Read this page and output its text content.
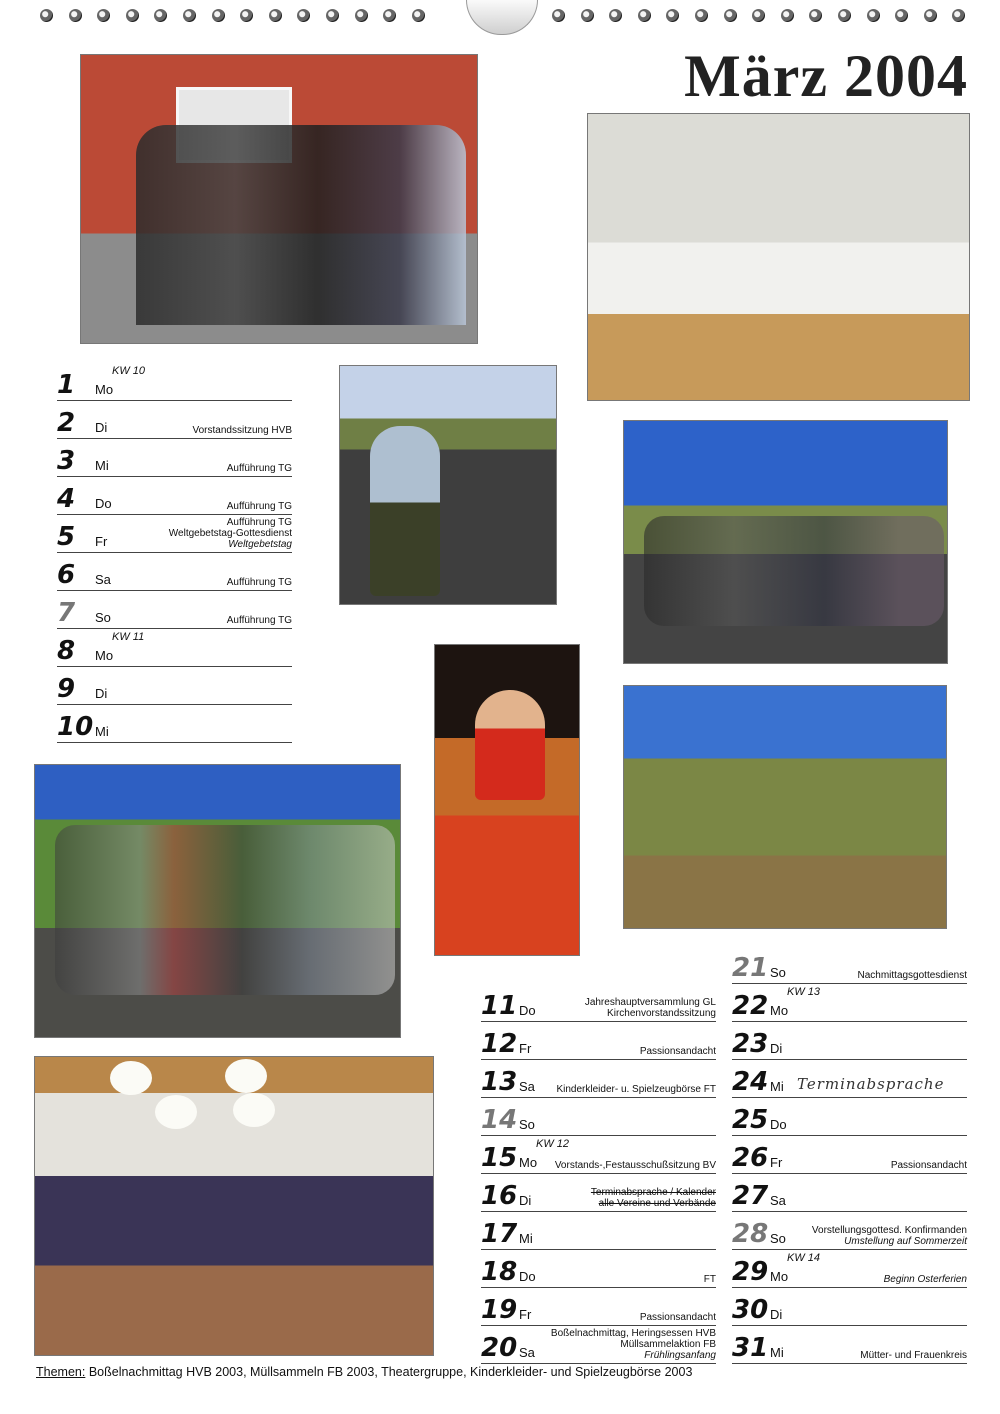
März 2004
1 Mo
KW 10
2 Di	Vorstandssitzung HVB
3 Mi	Aufführung TG
4 Do	Aufführung TG
5 Fr
Aufführung TG
Weltgebetstag-Gottesdienst
Weltgebetstag
6 Sa	Aufführung TG
7 So	Aufführung TG
8 Mo
KW 11
9 Di
10 Mi
11 Do
Jahreshauptversammlung GL
Kirchenvorstandssitzung
12 Fr	Passionsandacht
13 Sa Kinderkleider- u. Spielzeugbörse FT
14 So
15 Mo
KW 12
Vorstands-,Festausschußsitzung BV
16 Di
Terminabsprache / Kalender
alle Vereine und Verbände
17 Mi
18 Do	FT
19 Fr	Passionsandacht
20 Sa
Boßelnachmittag, Heringsessen HVB
Müllsammelaktion FB
Frühlingsanfang
21 So	Nachmittagsgottesdienst
22 Mo
KW 13
23 Di
24 Mi Terminabsprache
25 Do
26 Fr	Passionsandacht
27 Sa
28 So
Vorstellungsgottesd. Konfirmanden
Umstellung auf Sommerzeit
29 Mo
KW 14
Beginn Osterferien
30 Di
31 Mi	Mütter- und Frauenkreis
Themen: Boßelnachmittag HVB 2003, Müllsammeln FB 2003, Theatergruppe, Kinderkleider- und Spielzeugbörse 2003
